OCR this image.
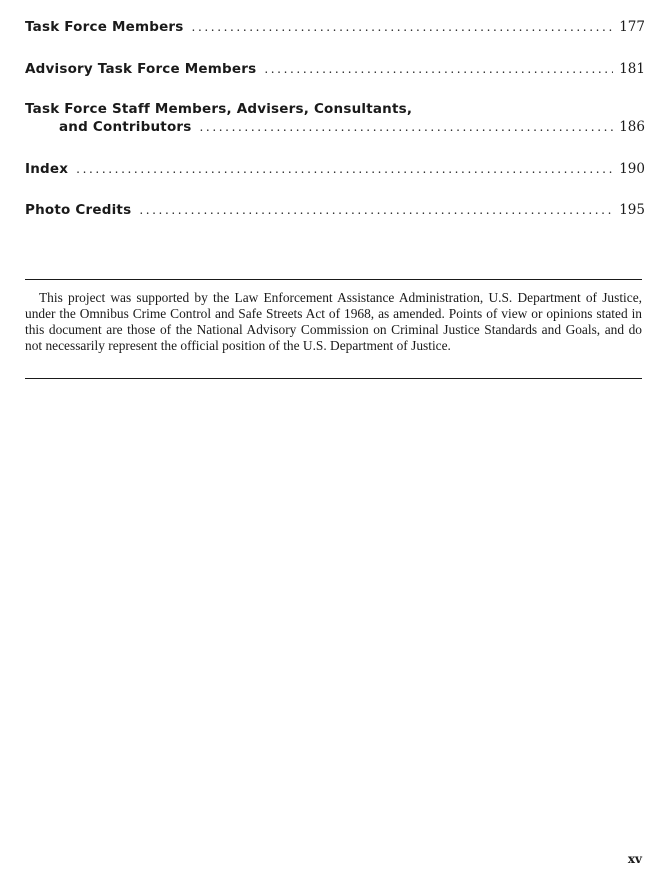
Task Force Members .....	177
Advisory Task Force Members .....	181
Task Force Staff Members, Advisers, Consultants,
and Contributors .....	186
Index .....	190
Photo Credits .....	195

This project was supported by the Law Enforcement Assistance Administration, U.S. Department of Justice, under the Omnibus Crime Control and Safe Streets Act of 1968, as amended. Points of view or opinions stated in this document are those of the National Advisory Commission on Criminal Justice Standards and Goals, and do not necessarily represent the official position of the U.S. Department of Justice.

xv
